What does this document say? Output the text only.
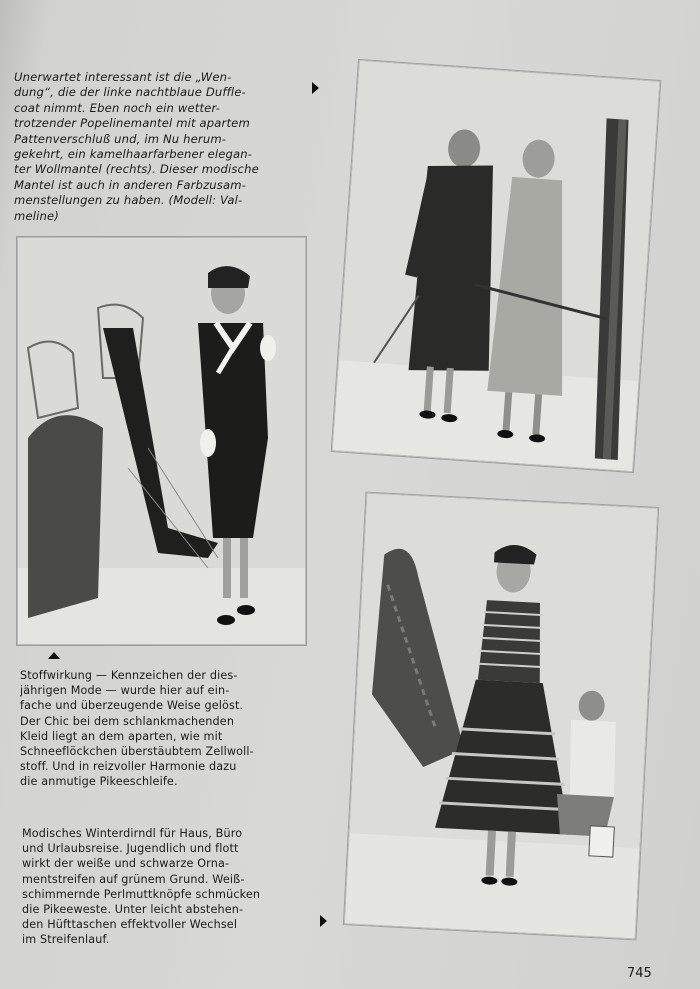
Unerwartet interessant ist die „Wen-
dung“, die der linke nachtblaue Duffle-
coat nimmt. Eben noch ein wetter-
trotzender Popelinemantel mit apartem
Pattenverschluß und, im Nu herum-
gekehrt, ein kamelhaarfarbener elegan-
ter Wollmantel (rechts). Dieser modische
Mantel ist auch in anderen Farbzusam-
menstellungen zu haben. (Modell: Val-
meline)
Stoffwirkung — Kennzeichen der dies-
jährigen Mode — wurde hier auf ein-
fache und überzeugende Weise gelöst.
Der Chic bei dem schlankmachenden
Kleid liegt an dem aparten, wie mit
Schneeflöckchen überstäubtem Zellwoll-
stoff. Und in reizvoller Harmonie dazu
die anmutige Pikeeschleife.
Modisches Winterdirndl für Haus, Büro
und Urlaubsreise. Jugendlich und flott
wirkt der weiße und schwarze Orna-
mentstreifen auf grünem Grund. Weiß-
schimmernde Perlmuttknöpfe schmücken
die Pikeeweste. Unter leicht abstehen-
den Hüfttaschen effektvoller Wechsel
im Streifenlauf.
745
